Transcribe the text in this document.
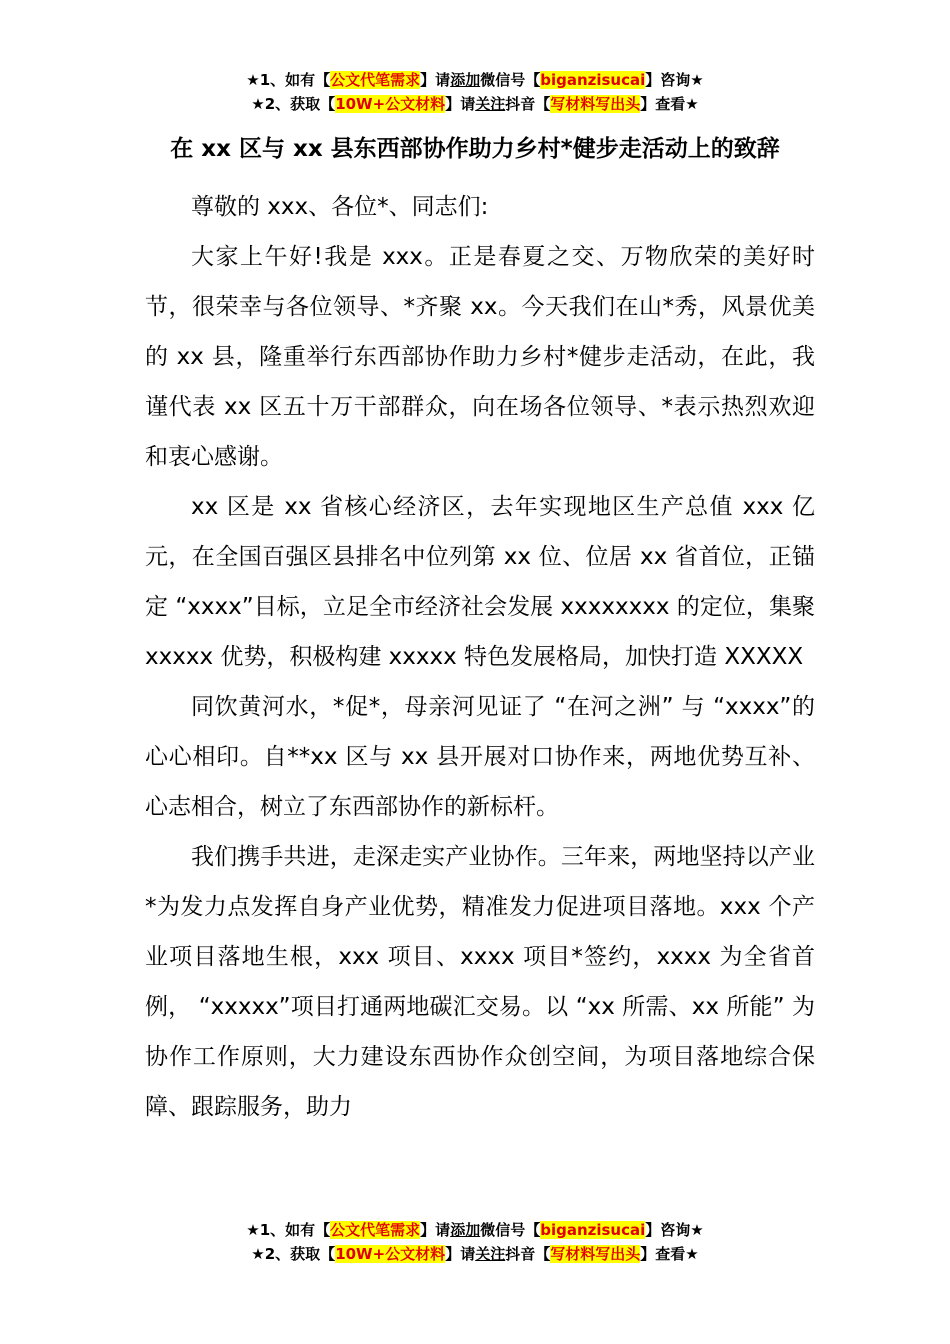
★1、如有【公文代笔需求】请添加微信号【biganzisucai】咨询★
★2、获取【10W+公文材料】请关注抖音【写材料写出头】查看★
在 xx 区与 xx 县东西部协作助力乡村*健步走活动上的致辞

尊敬的 xxx、各位*、同志们:

大家上午好!我是 xxx。正是春夏之交、万物欣荣的美好时节，很荣幸与各位领导、*齐聚 xx。今天我们在山*秀，风景优美的 xx 县，隆重举行东西部协作助力乡村*健步走活动，在此，我谨代表 xx 区五十万干部群众，向在场各位领导、*表示热烈欢迎和衷心感谢。

xx 区是 xx 省核心经济区，去年实现地区生产总值 xxx 亿元，在全国百强区县排名中位列第 xx 位、位居 xx 省首位，正锚定 “xxxx”目标，立足全市经济社会发展 xxxxxxxx 的定位，集聚 xxxxx 优势，积极构建 xxxxx 特色发展格局，加快打造 XXXXX

同饮黄河水，*促*，母亲河见证了 “在河之洲” 与 “xxxx”的心心相印。自**xx 区与 xx 县开展对口协作来，两地优势互补、心志相合，树立了东西部协作的新标杆。

我们携手共进，走深走实产业协作。三年来，两地坚持以产业*为发力点发挥自身产业优势，精准发力促进项目落地。xxx 个产业项目落地生根，xxx 项目、xxxx 项目*签约，xxxx 为全省首例， “xxxxx”项目打通两地碳汇交易。以 “xx 所需、xx 所能” 为协作工作原则，大力建设东西协作众创空间，为项目落地综合保障、跟踪服务，助力

★1、如有【公文代笔需求】请添加微信号【biganzisucai】咨询★
★2、获取【10W+公文材料】请关注抖音【写材料写出头】查看★
